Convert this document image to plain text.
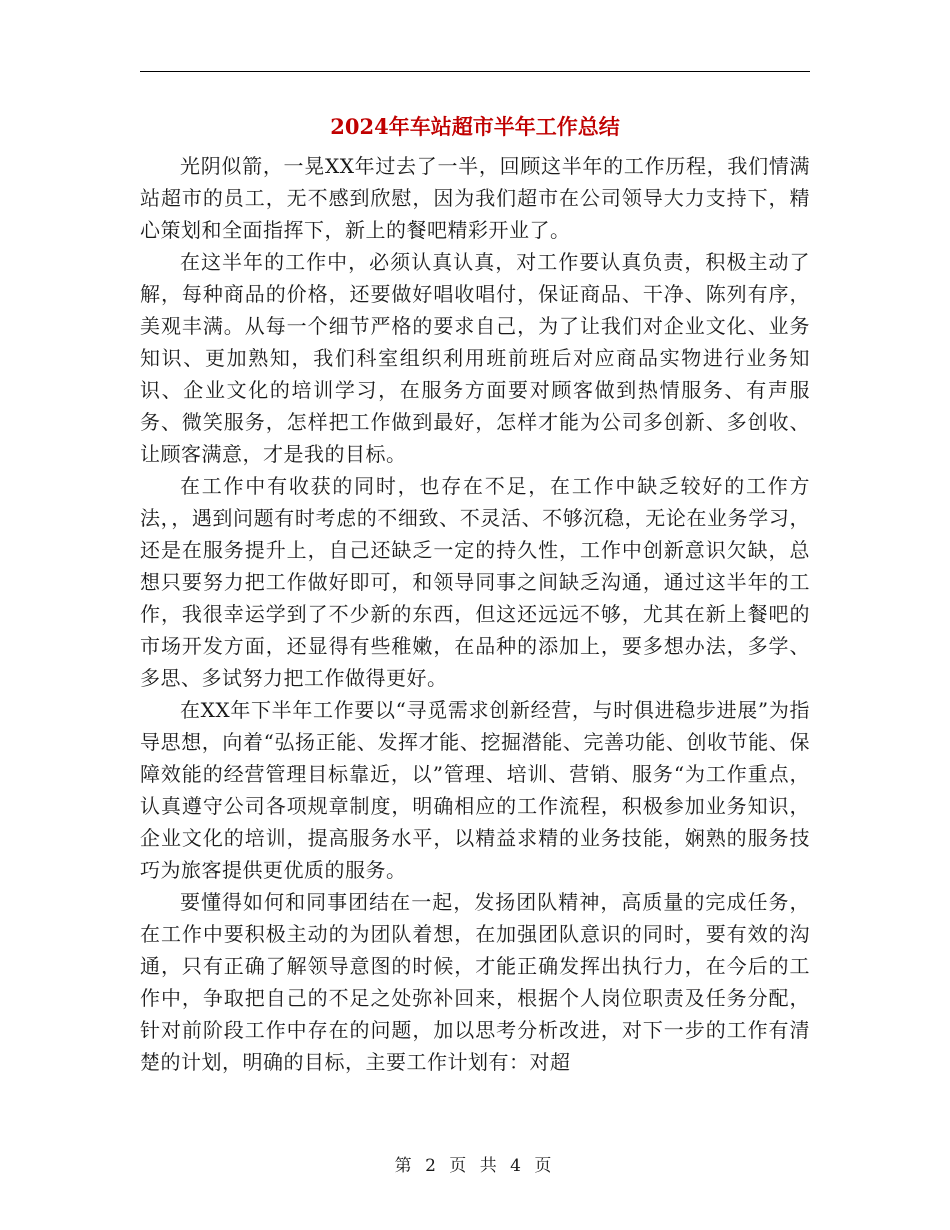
2024年车站超市半年工作总结

光阴似箭，一晃XX年过去了一半，回顾这半年的工作历程，我们情满站超市的员工，无不感到欣慰，因为我们超市在公司领导大力支持下，精心策划和全面指挥下，新上的餐吧精彩开业了。

在这半年的工作中，必须认真认真，对工作要认真负责，积极主动了解，每种商品的价格，还要做好唱收唱付，保证商品、干净、陈列有序，美观丰满。从每一个细节严格的要求自己，为了让我们对企业文化、业务知识、更加熟知，我们科室组织利用班前班后对应商品实物进行业务知识、企业文化的培训学习，在服务方面要对顾客做到热情服务、有声服务、微笑服务，怎样把工作做到最好，怎样才能为公司多创新、多创收、让顾客满意，才是我的目标。

在工作中有收获的同时，也存在不足，在工作中缺乏较好的工作方法，，遇到问题有时考虑的不细致、不灵活、不够沉稳，无论在业务学习，还是在服务提升上，自己还缺乏一定的持久性，工作中创新意识欠缺，总想只要努力把工作做好即可，和领导同事之间缺乏沟通，通过这半年的工作，我很幸运学到了不少新的东西，但这还远远不够，尤其在新上餐吧的市场开发方面，还显得有些稚嫩，在品种的添加上，要多想办法，多学、多思、多试努力把工作做得更好。

在XX年下半年工作要以“寻觅需求创新经营，与时俱进稳步进展”为指导思想，向着“弘扬正能、发挥才能、挖掘潜能、完善功能、创收节能、保障效能的经营管理目标靠近，以”管理、培训、营销、服务“为工作重点，认真遵守公司各项规章制度，明确相应的工作流程，积极参加业务知识，企业文化的培训，提高服务水平，以精益求精的业务技能，娴熟的服务技巧为旅客提供更优质的服务。

要懂得如何和同事团结在一起，发扬团队精神，高质量的完成任务，在工作中要积极主动的为团队着想，在加强团队意识的同时，要有效的沟通，只有正确了解领导意图的时候，才能正确发挥出执行力，在今后的工作中，争取把自己的不足之处弥补回来，根据个人岗位职责及任务分配，针对前阶段工作中存在的问题，加以思考分析改进，对下一步的工作有清楚的计划，明确的目标，主要工作计划有：对超

第 2 页 共 4 页
